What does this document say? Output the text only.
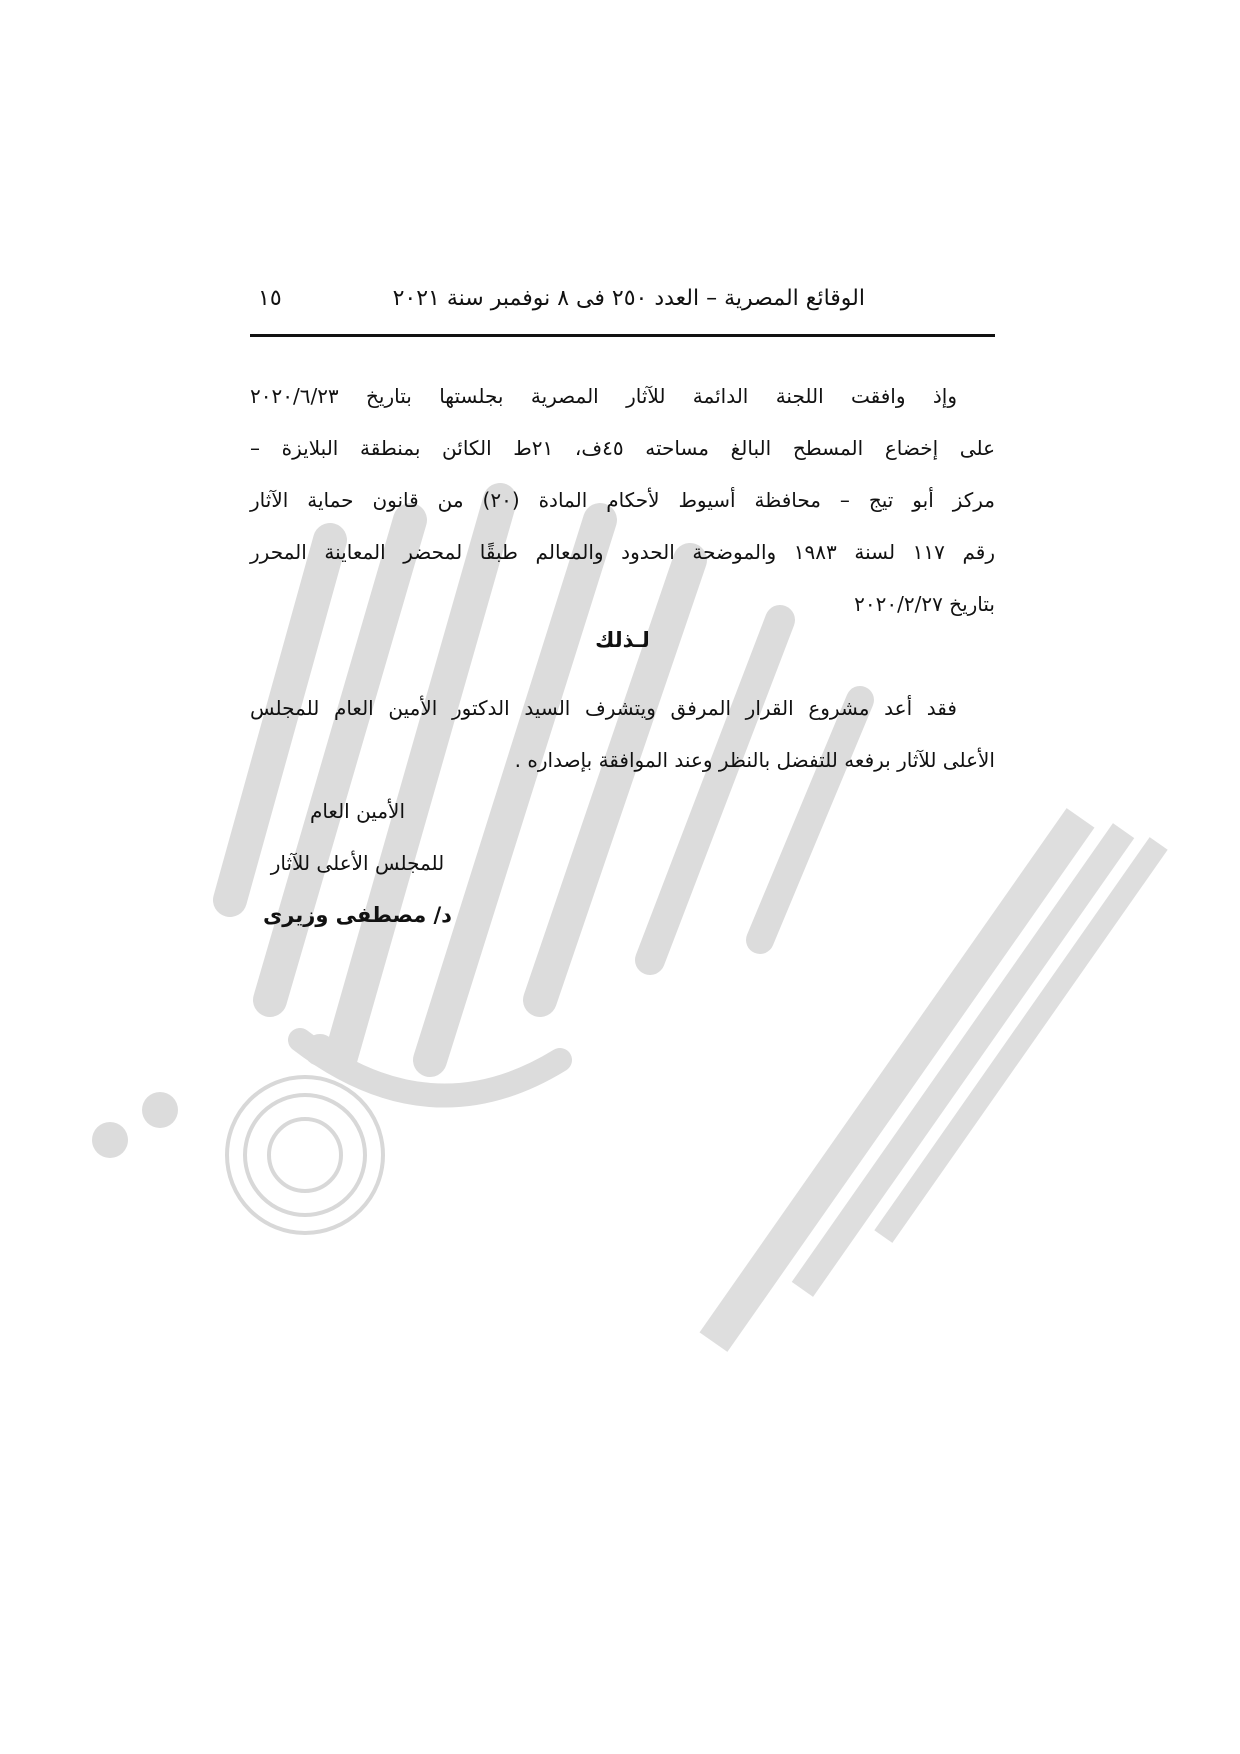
الوقائع المصرية – العدد ٢٥٠ فى ٨ نوفمبر سنة ٢٠٢١
١٥
وإذ وافقت اللجنة الدائمة للآثار المصرية بجلستها بتاريخ ٢٠٢٠/٦/٢٣
على إخضاع المسطح البالغ مساحته ٤٥ف، ٢١ط الكائن بمنطقة البلايزة –
مركز أبو تيج – محافظة أسيوط لأحكام المادة (٢٠) من قانون حماية الآثار
رقم ١١٧ لسنة ١٩٨٣ والموضحة الحدود والمعالم طبقًا لمحضر المعاينة المحرر
بتاريخ ٢٠٢٠/٢/٢٧
لـذلك
فقد أعد مشروع القرار المرفق ويتشرف السيد الدكتور الأمين العام للمجلس
الأعلى للآثار برفعه للتفضل بالنظر وعند الموافقة بإصداره .
الأمين العام
للمجلس الأعلى للآثار
د/ مصطفى وزيرى
